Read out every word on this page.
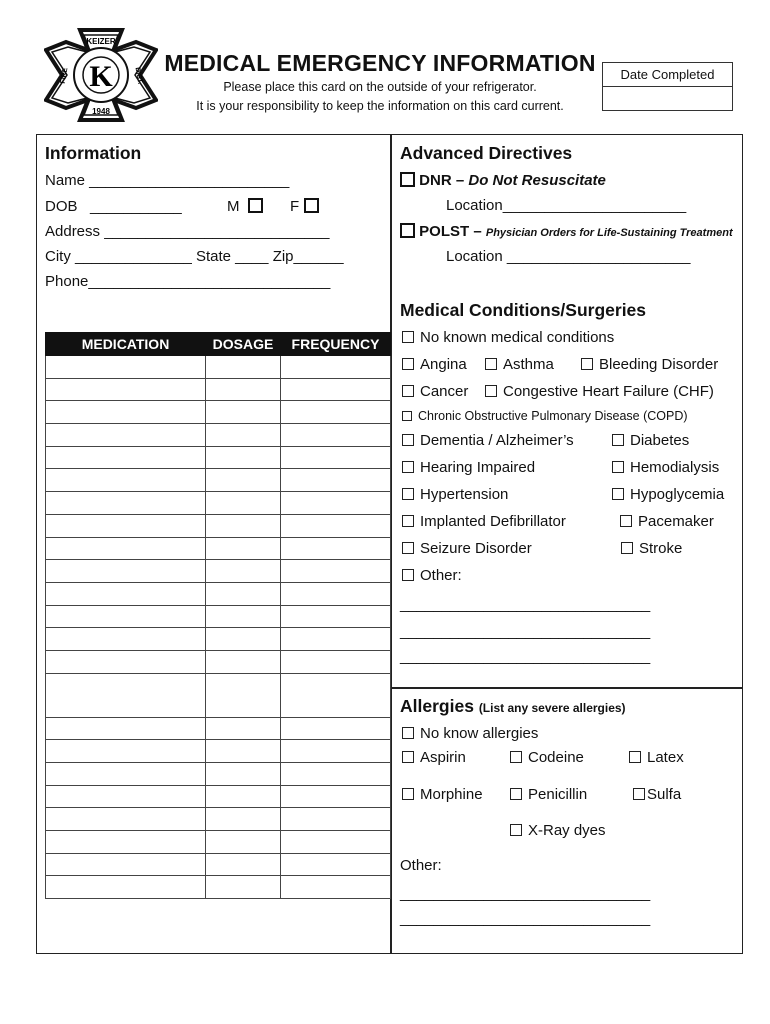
KEIZER
1948
FIRE	DIST.
K MEDICAL EMERGENCY INFORMATION
Please place this card on the outside of your refrigerator.
It is your responsibility to keep the information on this card current.
Date Completed
Information
Name ________________________
DOB ___________	M	F
Address ___________________________
City ______________ State ____ Zip______
Phone_____________________________
MEDICATION	DOSAGE	FREQUENCY

Advanced Directives
DNR – Do Not Resuscitate
Location______________________
POLST – Physician Orders for Life-Sustaining Treatment
Location ______________________
Medical Conditions/Surgeries
No known medical conditions
Angina	Asthma	Bleeding Disorder
Cancer	Congestive Heart Failure (CHF)
Chronic Obstructive Pulmonary Disease (COPD)
Dementia / Alzheimer’s	Diabetes
Hearing Impaired	Hemodialysis
Hypertension	Hypoglycemia
Implanted Defibrillator	Pacemaker
Seizure Disorder	Stroke
Other:
______________________________
______________________________
______________________________
Allergies (List any severe allergies)
No know allergies
Aspirin	Codeine	Latex
Morphine	Penicillin	Sulfa
X-Ray dyes
Other:
______________________________
______________________________
